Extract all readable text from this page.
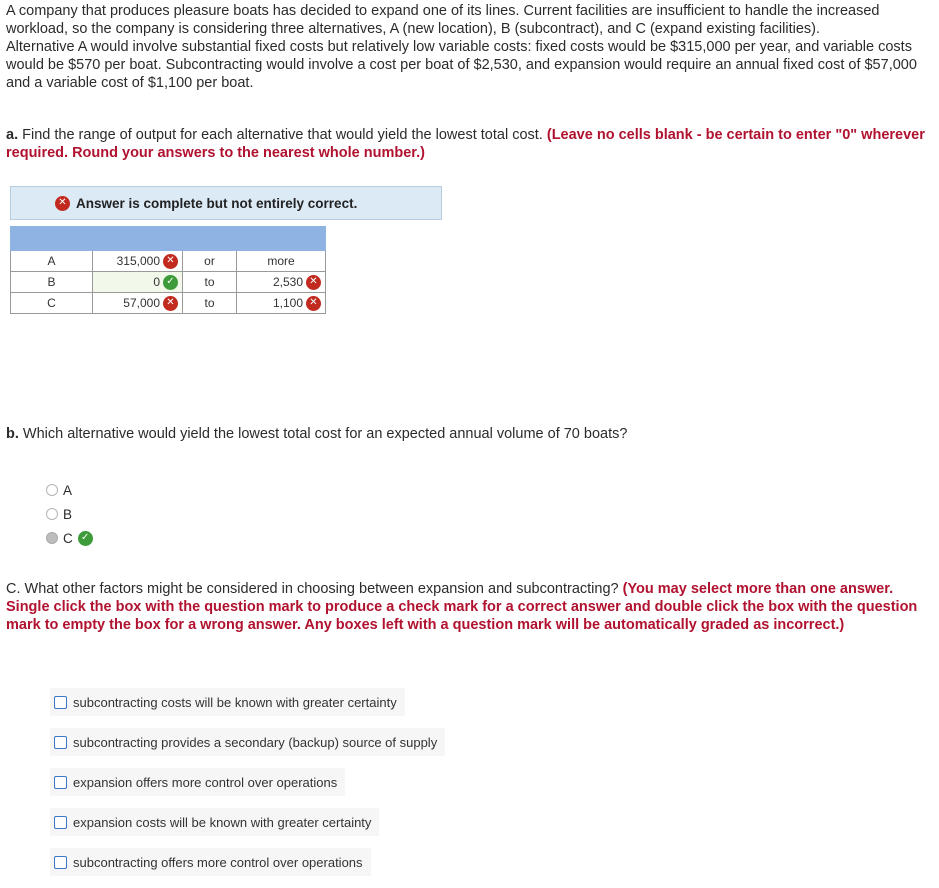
A company that produces pleasure boats has decided to expand one of its lines. Current facilities are insufficient to handle the increased workload, so the company is considering three alternatives, A (new location), B (subcontract), and C (expand existing facilities).

Alternative A would involve substantial fixed costs but relatively low variable costs: fixed costs would be $315,000 per year, and variable costs would be $570 per boat. Subcontracting would involve a cost per boat of $2,530, and expansion would require an annual fixed cost of $57,000 and a variable cost of $1,100 per boat.

a. Find the range of output for each alternative that would yield the lowest total cost. (Leave no cells blank - be certain to enter "0" wherever required. Round your answers to the nearest whole number.)
✕ Answer is complete but not entirely correct.

A	315,000 ✕	or	more
B	0 ✓	to	2,530 ✕

C	57,000 ✕	to	1,100 ✕
b. Which alternative would yield the lowest total cost for an expected annual volume of 70 boats?
A
B
C ✓
C. What other factors might be considered in choosing between expansion and subcontracting? (You may select more than one answer. Single click the box with the question mark to produce a check mark for a correct answer and double click the box with the question mark to empty the box for a wrong answer. Any boxes left with a question mark will be automatically graded as incorrect.)
subcontracting costs will be known with greater certainty
subcontracting provides a secondary (backup) source of supply
expansion offers more control over operations
expansion costs will be known with greater certainty
subcontracting offers more control over operations
